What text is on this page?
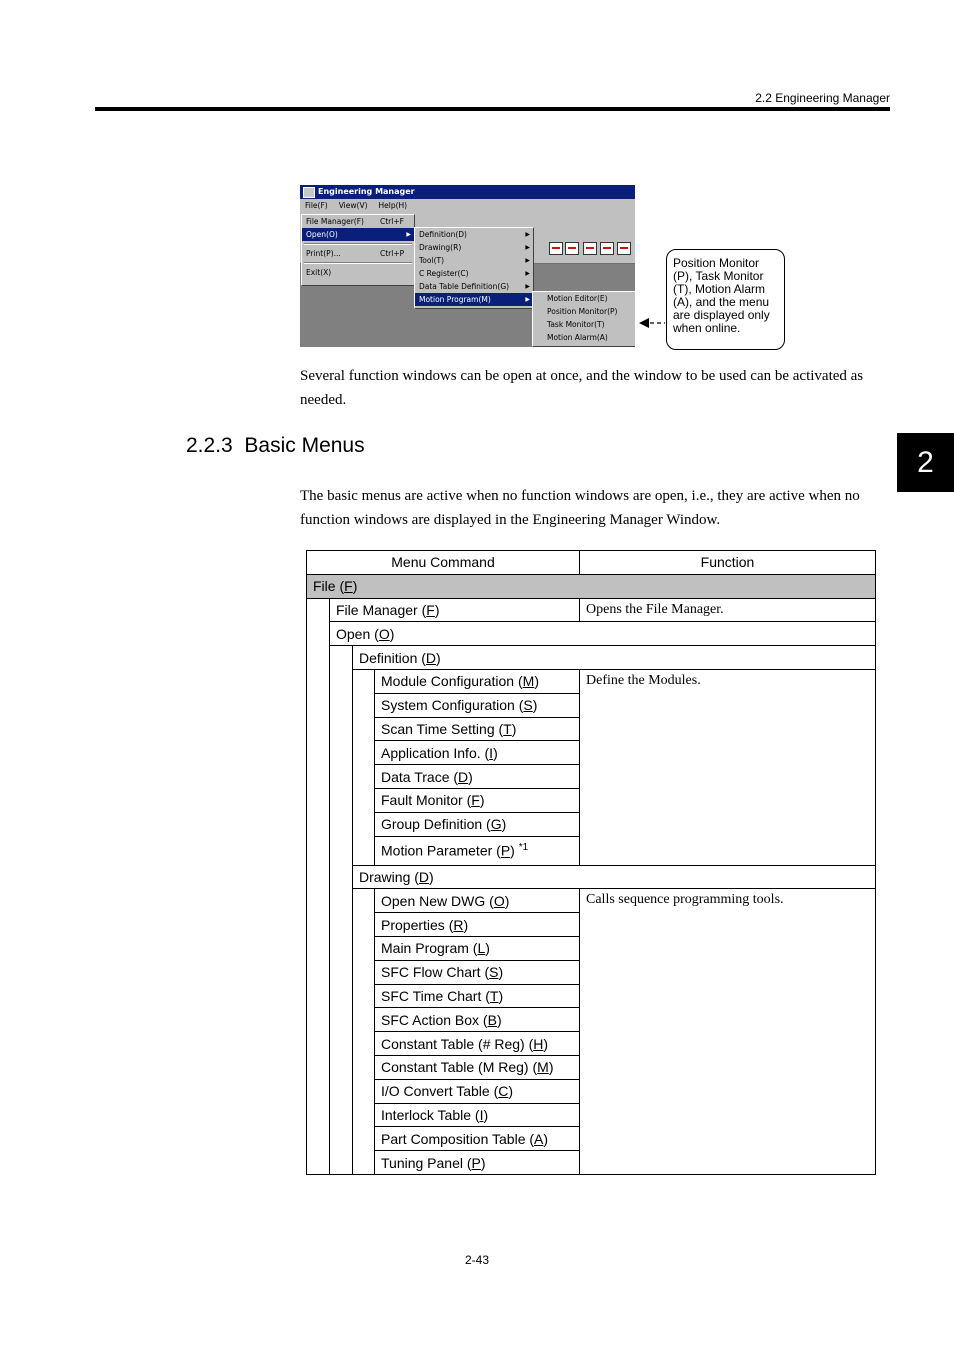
2.2 Engineering Manager
2
Engineering Manager
File(F) View(V) Help(H)
File Manager(F) Ctrl+F
Open(O)	▶
Print(P)...	Ctrl+P
Exit(X)
Definition(D)	▶
Drawing(R)	▶
Tool(T)	▶
C Register(C)	▶
Data Table Definition(G)	▶
Motion Program(M)	▶	Motion Editor(E)
Position Monitor(P)
Task Monitor(T)
Motion Alarm(A)
Position Monitor (P), Task Monitor (T), Motion Alarm (A), and the menu are displayed only when online.
Several function windows can be open at once, and the window to be used can be activated as needed.
2.2.3 Basic Menus
The basic menus are active when no function windows are open, i.e., they are active when no function windows are displayed in the Engineering Manager Window.
Menu Command				Function
File (F)				
	File Manager (F)			Opens the File Manager.
	Open (O)			
		Definition (D)		
			Module Configuration (M)	Define the Modules.
			System Configuration (S)	
			Scan Time Setting (T)	
			Application Info. (I)	
			Data Trace (D)	
			Fault Monitor (F)	
			Group Definition (G)	
			Motion Parameter (P) $^{*1}$
		Drawing (D)		
			Open New DWG (O)	Calls sequence programming tools.
			Properties (R)	
			Main Program (L)	
			SFC Flow Chart (S)	
			SFC Time Chart (T)	
			SFC Action Box (B)	
			Constant Table (# Reg) (H)	
			Constant Table (M Reg) (M)	
			I/O Convert Table (C)	
			Interlock Table (I)	
			Part Composition Table (A)	
			Tuning Panel (P)	
2-43
